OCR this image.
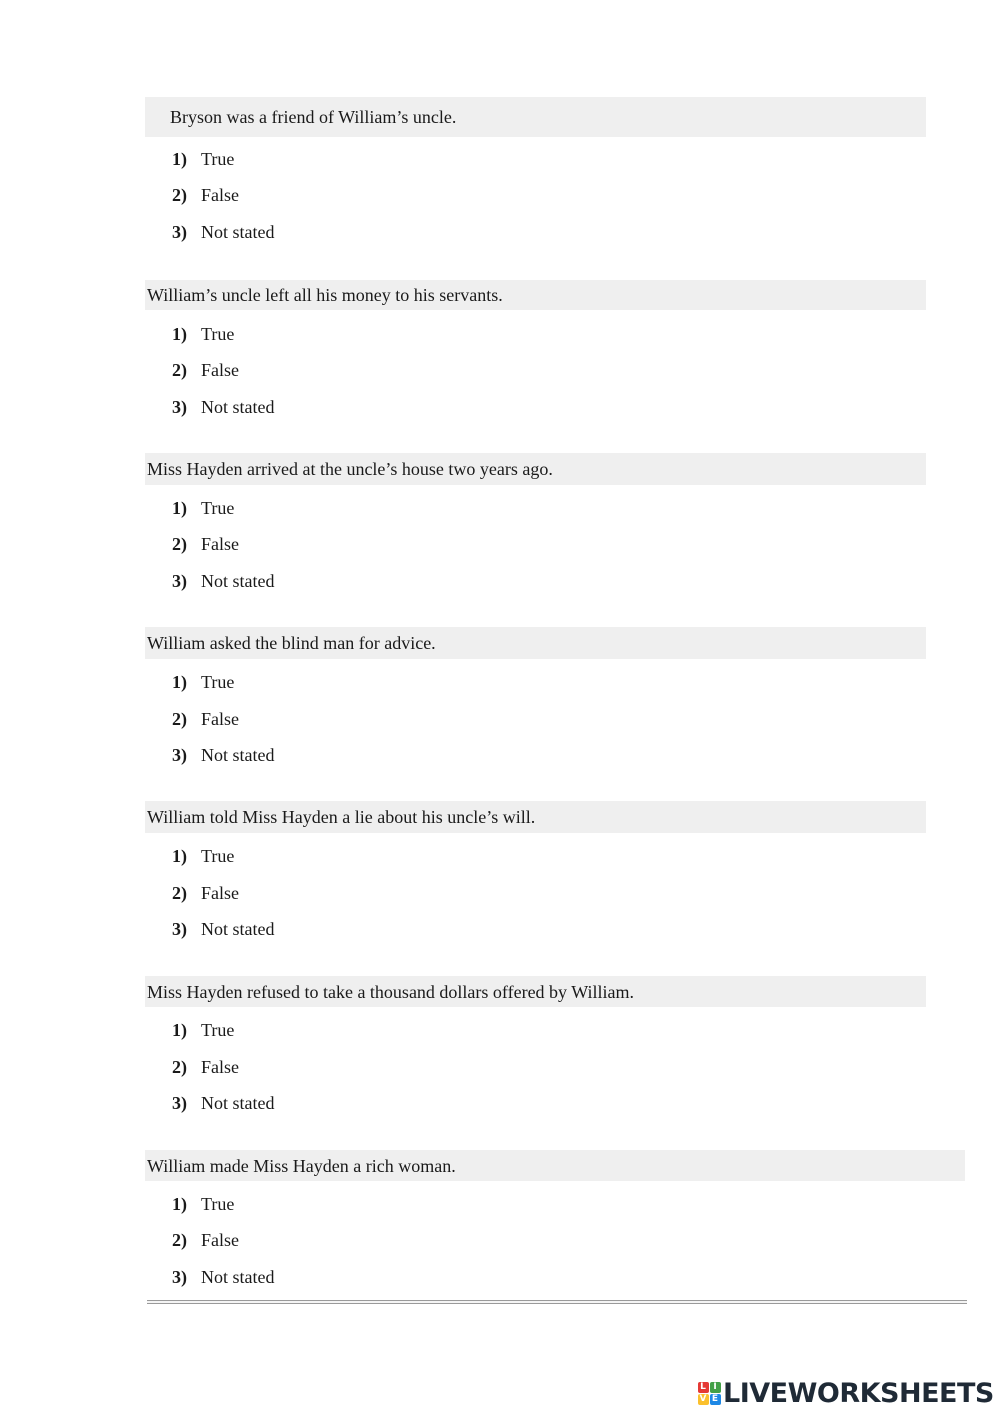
Bryson was a friend of William’s uncle.
1) True
2) False
3) Not stated
William’s uncle left all his money to his servants.
1) True
2) False
3) Not stated
Miss Hayden arrived at the uncle’s house two years ago.
1) True
2) False
3) Not stated
William asked the blind man for advice.
1) True
2) False
3) Not stated
William told Miss Hayden a lie about his uncle’s will.
1) True
2) False
3) Not stated
Miss Hayden refused to take a thousand dollars offered by William.
1) True
2) False
3) Not stated
William made Miss Hayden a rich woman.
1) True
2) False
3) Not stated
L I
V E LIVEWORKSHEETS
